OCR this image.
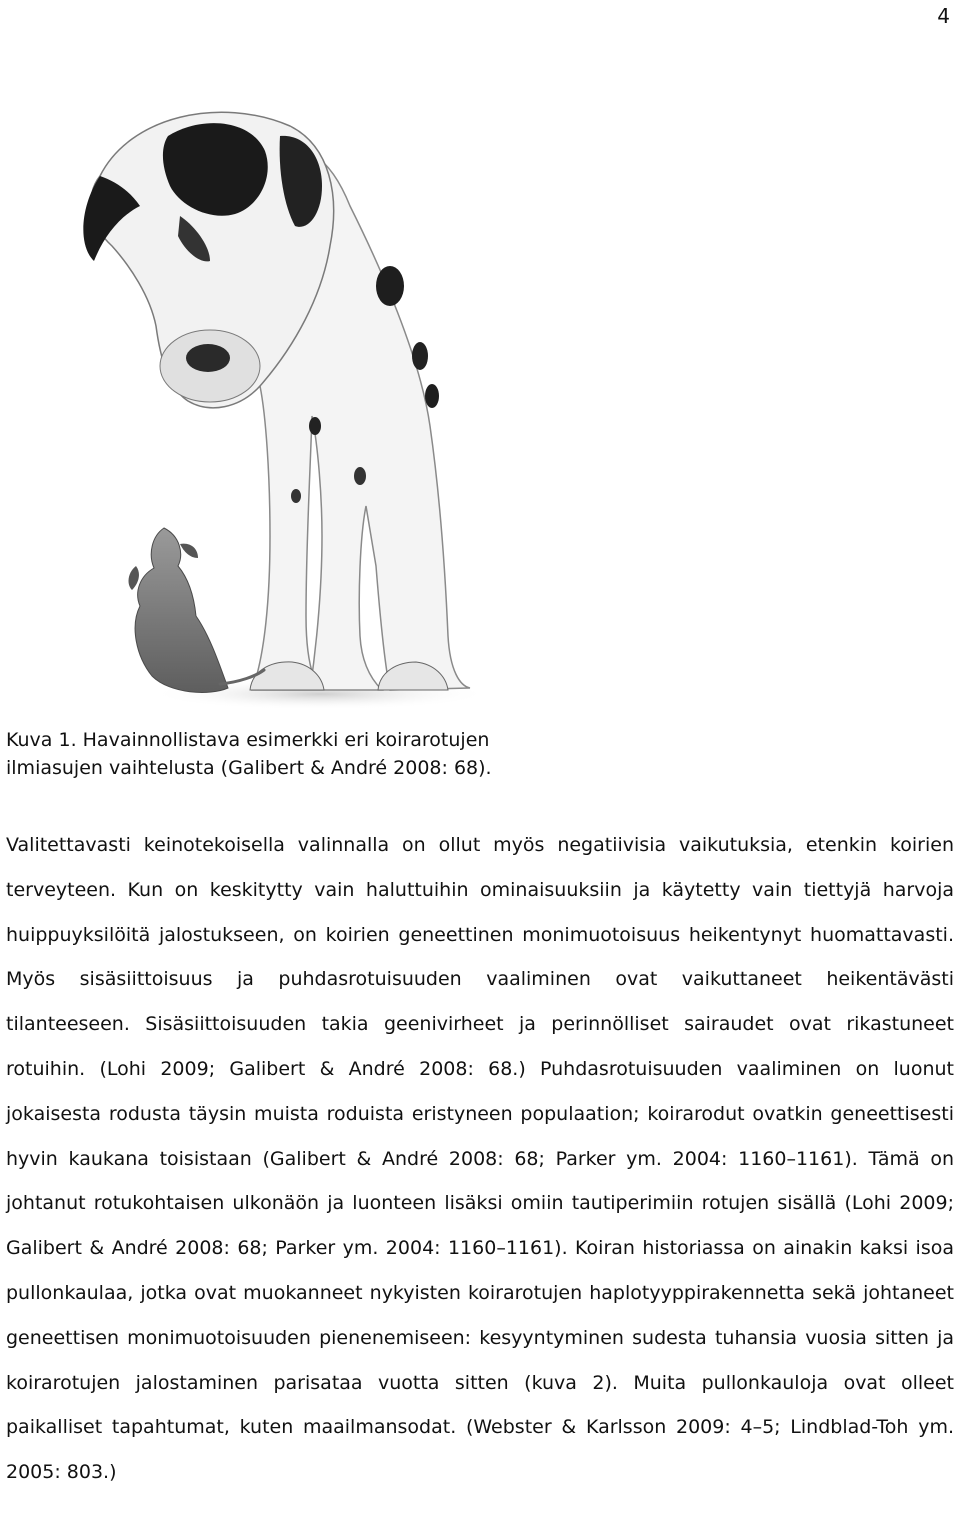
4
Kuva 1. Havainnollistava esimerkki eri koirarotujen ilmiasujen vaihtelusta (Galibert & André 2008: 68).

Valitettavasti keinotekoisella valinnalla on ollut myös negatiivisia vaikutuksia, etenkin koirien terveyteen. Kun on keskitytty vain haluttuihin ominaisuuksiin ja käytetty vain tiettyjä harvoja huippuyksilöitä jalostukseen, on koirien geneettinen monimuotoisuus heikentynyt huomattavasti. Myös sisäsiittoisuus ja puhdasrotuisuuden vaaliminen ovat vaikuttaneet heikentävästi tilanteeseen. Sisäsiittoisuuden takia geenivirheet ja perinnölliset sairaudet ovat rikastuneet rotuihin. (Lohi 2009; Galibert & André 2008: 68.) Puhdasrotuisuuden vaaliminen on luonut jokaisesta rodusta täysin muista roduista eristyneen populaation; koirarodut ovatkin geneettisesti hyvin kaukana toisistaan (Galibert & André 2008: 68; Parker ym. 2004: 1160–1161). Tämä on johtanut rotukohtaisen ulkonäön ja luonteen lisäksi omiin tautiperimiin rotujen sisällä (Lohi 2009; Galibert & André 2008: 68; Parker ym. 2004: 1160–1161). Koiran historiassa on ainakin kaksi isoa pullonkaulaa, jotka ovat muokanneet nykyisten koirarotujen haplotyyppirakennetta sekä johtaneet geneettisen monimuotoisuuden pienenemiseen: kesyyntyminen sudesta tuhansia vuosia sitten ja koirarotujen jalostaminen parisataa vuotta sitten (kuva 2). Muita pullonkauloja ovat olleet paikalliset tapahtumat, kuten maailmansodat. (Webster & Karlsson 2009: 4–5; Lindblad-Toh ym. 2005: 803.)
